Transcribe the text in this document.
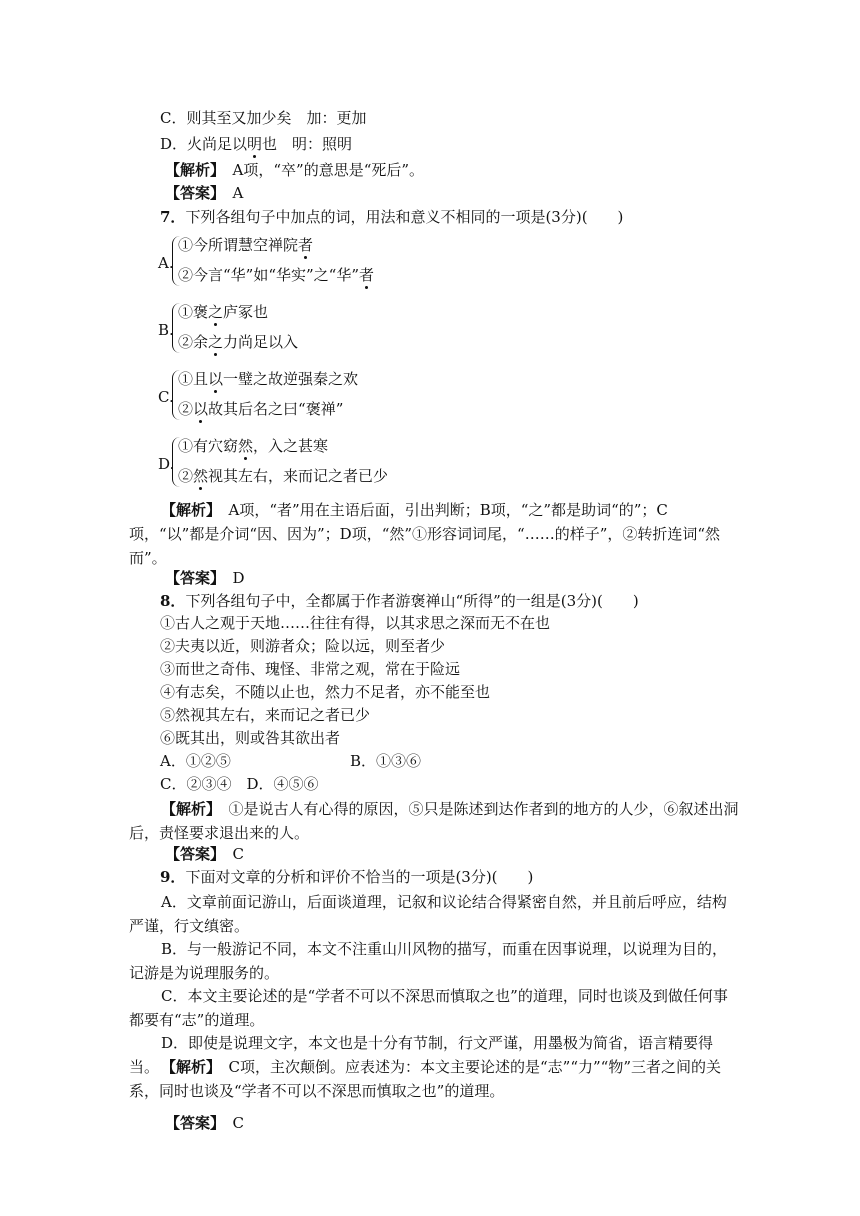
C．则其至又加少矣　加：更加
D．火尚足以明也　明：照明
【解析】　 A项，“卒”的意思是“死后”。
【答案】　 A
7．下列各组句子中加点的词，用法和意义不相同的一项是(3分)(　　)
A.
①今所谓慧空禅院者
②今言“华”如“华实”之“华”者
B.
①褒之庐冢也
②余之力尚足以入
C.
①且以一璧之故逆强秦之欢
②以故其后名之曰“褒禅”
D.
①有穴窈然，入之甚寒
②然视其左右，来而记之者已少
【解析】　 A项，“者”用在主语后面，引出判断；B项，“之”都是助词“的”；C项，“以”都是介词“因、因为”；D项，“然”①形容词词尾，“……的样子”，②转折连词“然而”。
【答案】　 D
8．下列各组句子中，全都属于作者游褒禅山“所得”的一组是(3分)(　　)
①古人之观于天地……往往有得，以其求思之深而无不在也
②夫夷以近，则游者众；险以远，则至者少
③而世之奇伟、瑰怪、非常之观，常在于险远
④有志矣，不随以止也，然力不足者，亦不能至也
⑤然视其左右，来而记之者已少
⑥既其出，则或咎其欲出者
A．①②⑤	B．①③⑥
C．②③④　D．④⑤⑥
【解析】　 ①是说古人有心得的原因，⑤只是陈述到达作者到的地方的人少，⑥叙述出洞后，责怪要求退出来的人。
【答案】　 C
9．下面对文章的分析和评价不恰当的一项是(3分)(　　)
A．文章前面记游山，后面谈道理，记叙和议论结合得紧密自然，并且前后呼应，结构严谨，行文缜密。
B．与一般游记不同，本文不注重山川风物的描写，而重在因事说理，以说理为目的，记游是为说理服务的。
C．本文主要论述的是“学者不可以不深思而慎取之也”的道理，同时也谈及到做任何事都要有“志”的道理。
D．即使是说理文字，本文也是十分有节制，行文严谨，用墨极为简省，语言精要得当。 【解析】　 C项，主次颠倒。应表述为：本文主要论述的是“志”“力”“物”三者之间的关系，同时也谈及“学者不可以不深思而慎取之也”的道理。
【答案】　 C
